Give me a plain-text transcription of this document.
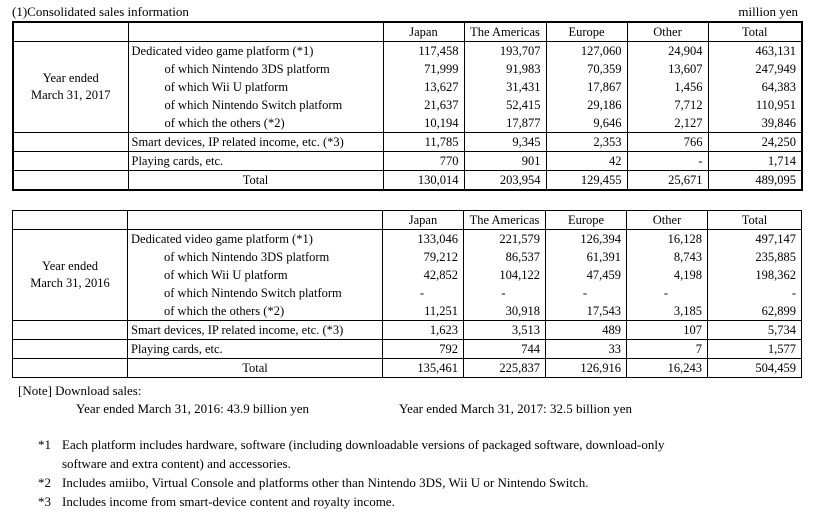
(1)Consolidated sales information	million yen
		Japan	The Americas	Europe	Other	Total
Year ended
March 31, 2017	Dedicated video game platform (*1)	117,458	193,707	127,060	24,904	463,131
	of which Nintendo 3DS platform	71,999	91,983	70,359	13,607	247,949
	of which Wii U platform	13,627	31,431	17,867	1,456	64,383
	of which Nintendo Switch platform	21,637	52,415	29,186	7,712	110,951
	of which the others (*2)	10,194	17,877	9,646	2,127	39,846
	Smart devices, IP related income, etc. (*3)	11,785	9,345	2,353	766	24,250
	Playing cards, etc.	770	901	42	-	1,714
	Total	130,014	203,954	129,455	25,671	489,095
		Japan	The Americas	Europe	Other	Total
Year ended
March 31, 2016	Dedicated video game platform (*1)	133,046	221,579	126,394	16,128	497,147
	of which Nintendo 3DS platform	79,212	86,537	61,391	8,743	235,885
	of which Wii U platform	42,852	104,122	47,459	4,198	198,362
	of which Nintendo Switch platform	-	-	-	-	-
	of which the others (*2)	11,251	30,918	17,543	3,185	62,899
	Smart devices, IP related income, etc. (*3)	1,623	3,513	489	107	5,734
	Playing cards, etc.	792	744	33	7	1,577
	Total	135,461	225,837	126,916	16,243	504,459
[Note] Download sales:
Year ended March 31, 2016: 43.9 billion yen	Year ended March 31, 2017: 32.5 billion yen
*1 Each platform includes hardware, software (including downloadable versions of packaged software, download-only
software and extra content) and accessories.
*2 Includes amiibo, Virtual Console and platforms other than Nintendo 3DS, Wii U or Nintendo Switch.
*3 Includes income from smart-device content and royalty income.
